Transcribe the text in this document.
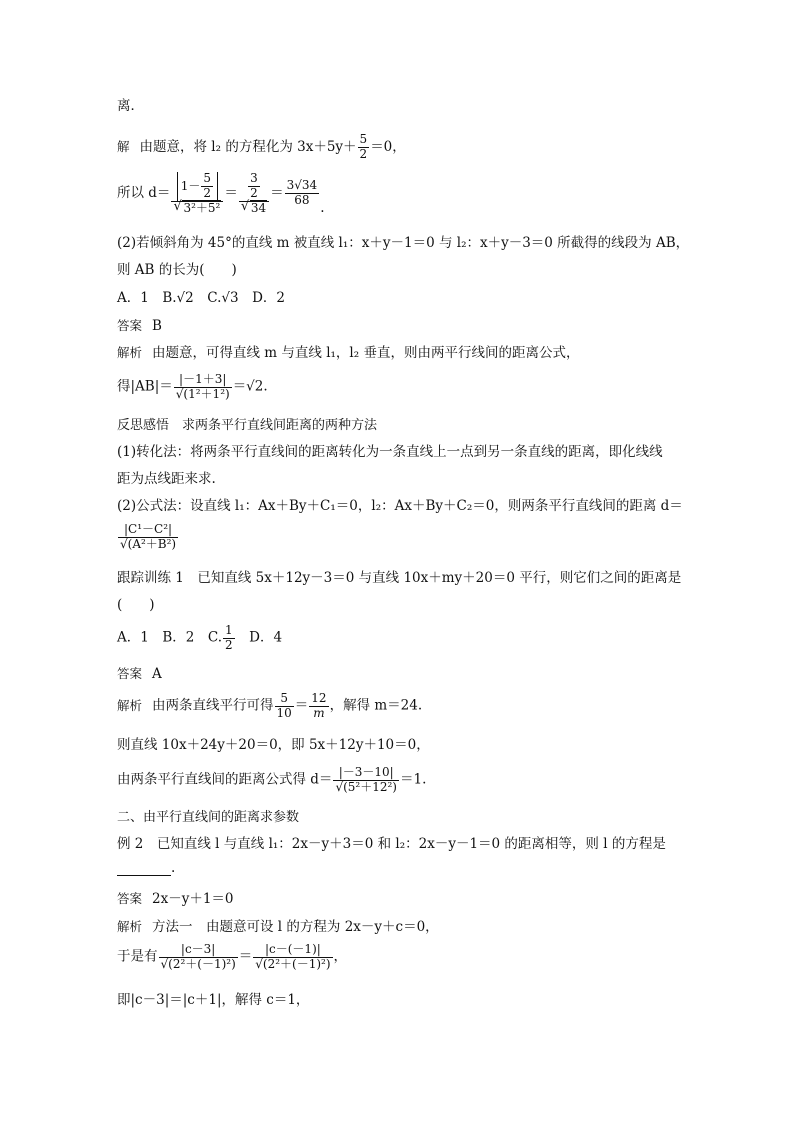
离．
解 由题意，将 l₂ 的方程化为 $3x+5y+ \frac{5}{2} =0$，
所以 $d= 1- \frac{5}{2}$
√ $3^2+5^2 = \frac{3}{2}$
√ $34 = \frac{3√34}{68}$ .
(2)若倾斜角为 45°的直线 m 被直线 l₁：x＋y－1＝0 与 l₂：x＋y－3＝0 所截得的线段为 AB，
则 AB 的长为(　　)
A．1　B.√2　C.√3　D．2
答案 B
解析 由题意，可得直线 m 与直线 l₁，l₂ 垂直，则由两平行线间的距离公式，
得$|AB|= \frac{|-1+3|}{\text{√(1²＋1²)}} =√2$.
反思感悟　求两条平行直线间距离的两种方法
(1)转化法：将两条平行直线间的距离转化为一条直线上一点到另一条直线的距离，即化线线
距为点线距来求.
(2)公式法：设直线 l₁：Ax＋By＋C₁＝0，l₂：Ax＋By＋C₂＝0，则两条平行直线间的距离 d＝
$\frac{\text{|C¹－C²|}}{\text{√(A²＋B²)}}$
跟踪训练 1　已知直线 5x＋12y－3＝0 与直线 10x＋my＋20＝0 平行，则它们之间的距离是
(　　)
A．1　B．2　C. $\frac{1}{2}$ 　D．4
答案 A
解析 由两条直线平行可得 $\frac{5}{10} = \frac{12}{m}$ ，解得 m＝24.
则直线 10x＋24y＋20＝0，即 5x＋12y＋10＝0，
由两条平行直线间的距离公式得 $d= \frac{|-3-10|}{\text{√(5²＋12²)}} =1$.
二、由平行直线间的距离求参数
例 2　已知直线 l 与直线 l₁：2x－y＋3＝0 和 l₂：2x－y－1＝0 的距离相等，则 l 的方程是
.
答案 2x－y＋1＝0
解析 方法一　由题意可设 l 的方程为 2x－y＋c＝0，
于是有 $\frac{|c-3|}{\text{√(2²＋(－1)²)}} = \frac{|c-(-1)|}{\text{√(2²＋(－1)²)}}$ ，
即|c－3|＝|c＋1|，解得 c＝1，
